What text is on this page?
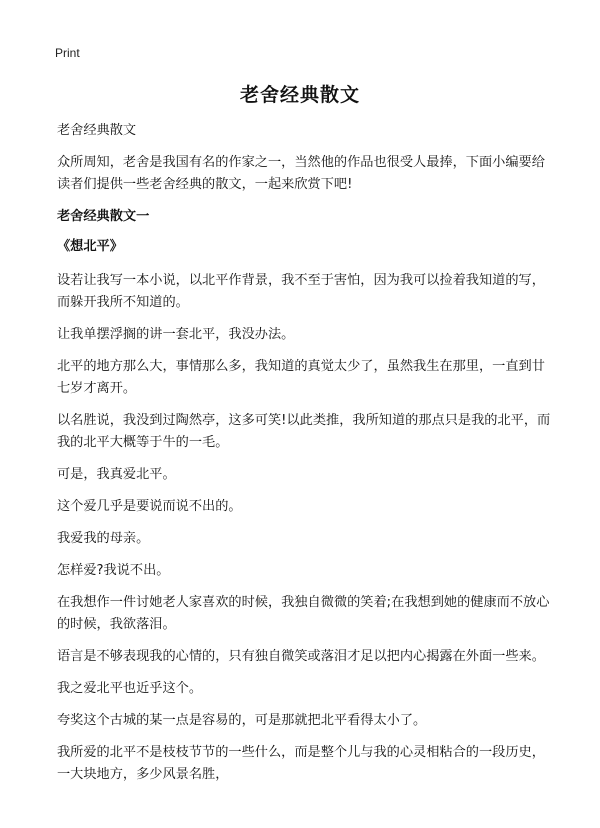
Print
老舍经典散文

老舍经典散文

众所周知，老舍是我国有名的作家之一，当然他的作品也很受人最捧，下面小编要给读者们提供一些老舍经典的散文，一起来欣赏下吧!

老舍经典散文一

《想北平》

设若让我写一本小说，以北平作背景，我不至于害怕，因为我可以捡着我知道的写，而躲开我所不知道的。

让我单摆浮搁的讲一套北平，我没办法。

北平的地方那么大，事情那么多，我知道的真觉太少了，虽然我生在那里，一直到廿七岁才离开。

以名胜说，我没到过陶然亭，这多可笑!以此类推，我所知道的那点只是我的北平，而我的北平大概等于牛的一毛。

可是，我真爱北平。

这个爱几乎是要说而说不出的。

我爱我的母亲。

怎样爱?我说不出。

在我想作一件讨她老人家喜欢的时候，我独自微微的笑着;在我想到她的健康而不放心的时候，我欲落泪。

语言是不够表现我的心情的，只有独自微笑或落泪才足以把内心揭露在外面一些来。

我之爱北平也近乎这个。

夸奖这个古城的某一点是容易的，可是那就把北平看得太小了。

我所爱的北平不是枝枝节节的一些什么，而是整个儿与我的心灵相粘合的一段历史，一大块地方，多少风景名胜，
